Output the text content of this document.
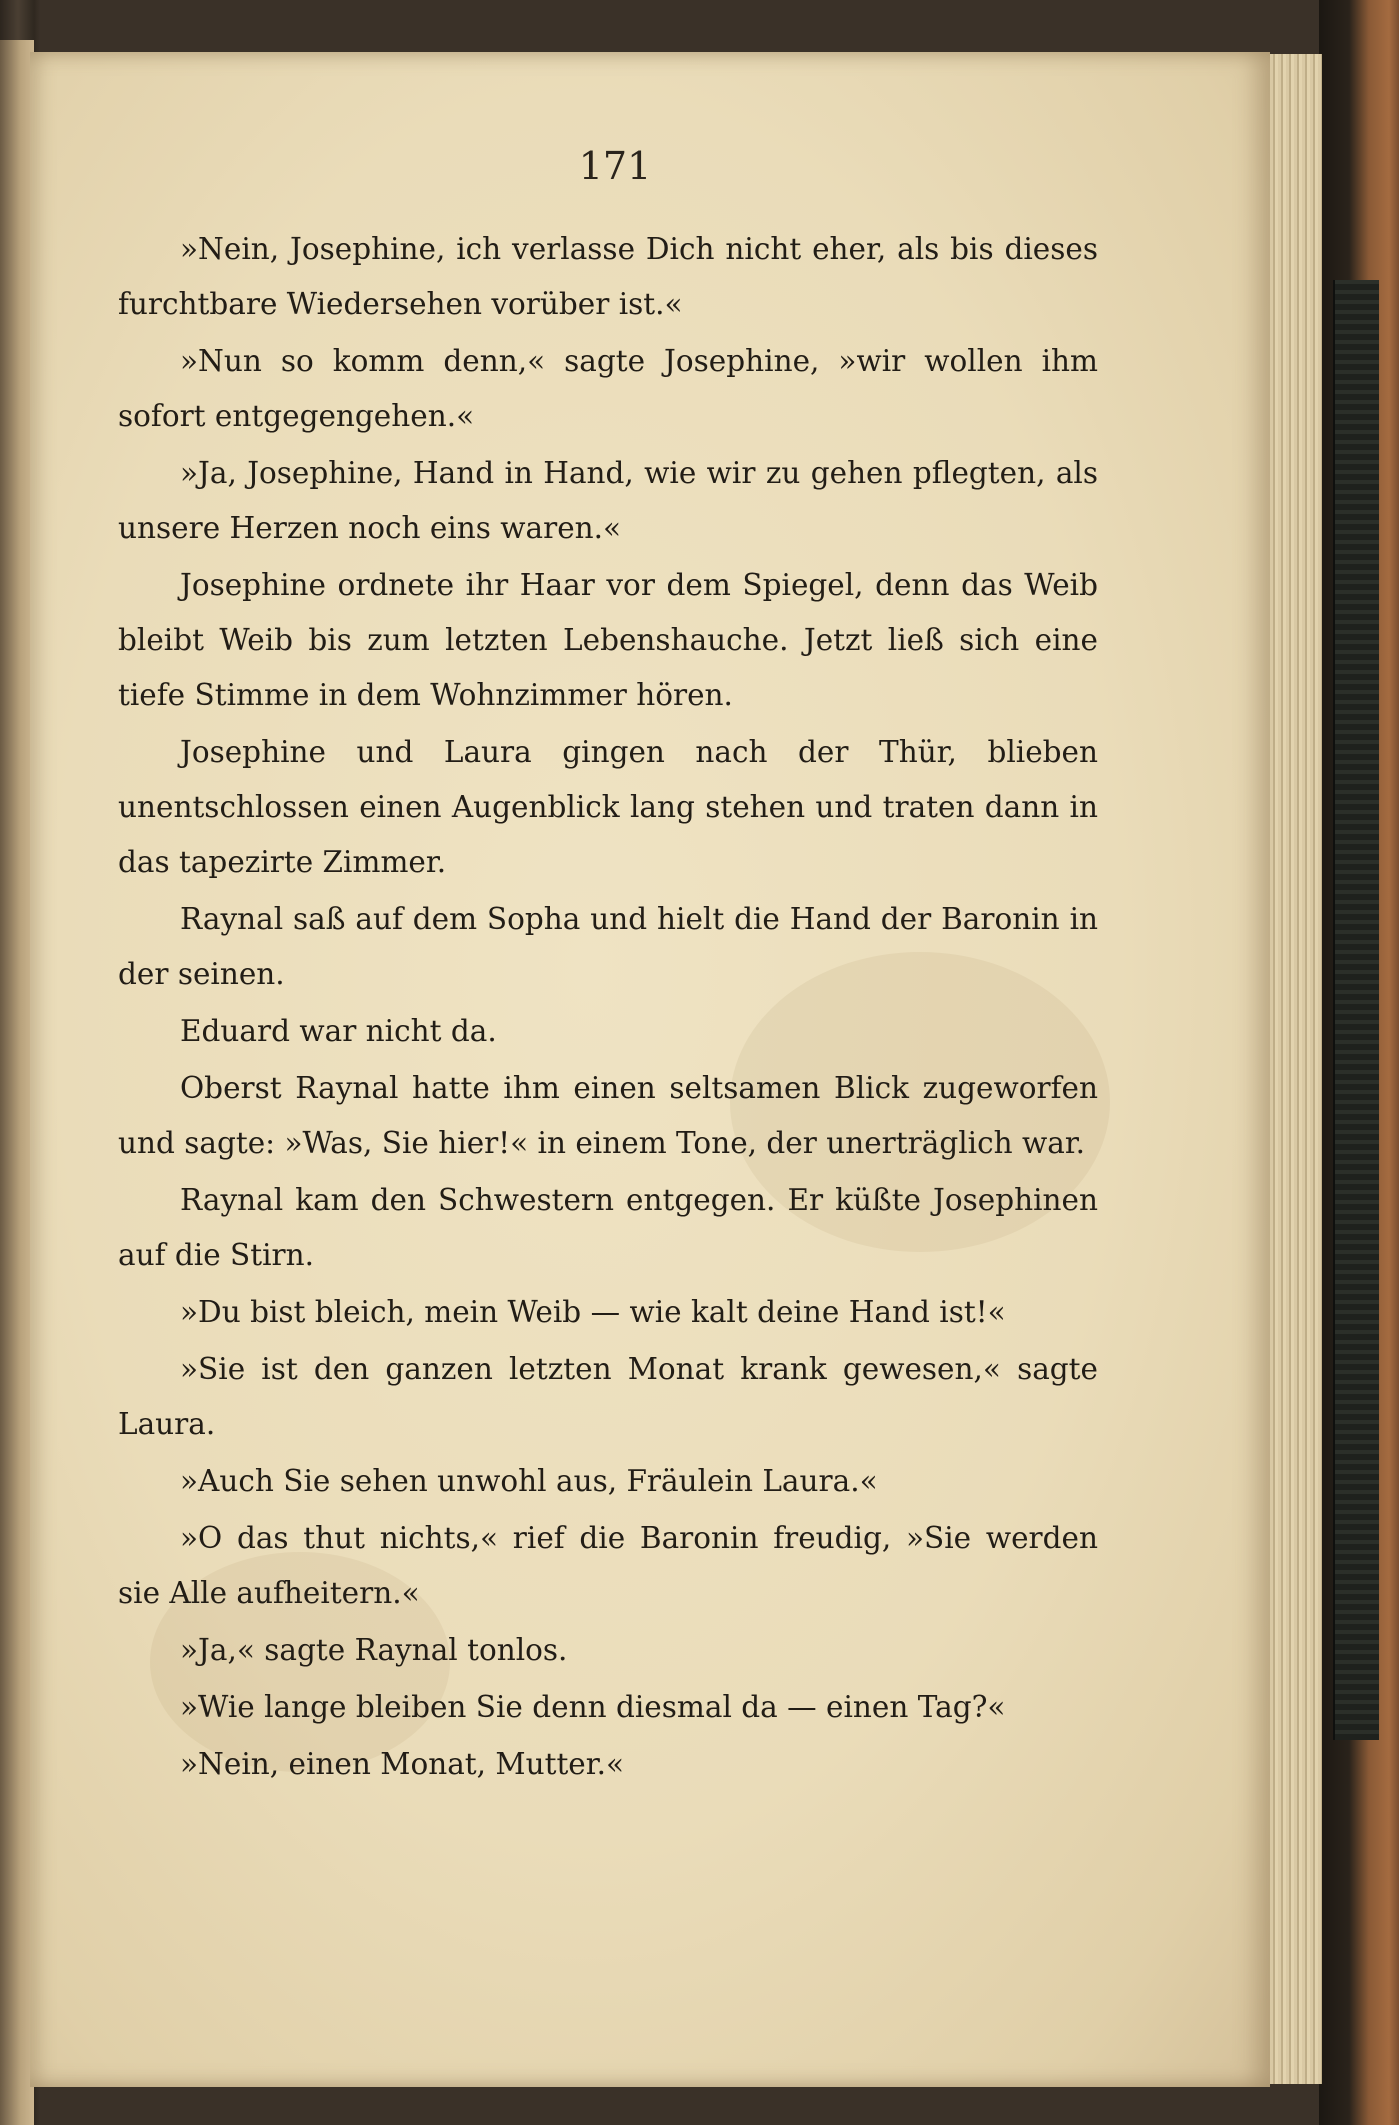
171

»Nein, Josephine, ich verlasse Dich nicht eher, als bis dieses furchtbare Wiedersehen vorüber ist.«

»Nun so komm denn,« sagte Josephine, »wir wollen ihm sofort entgegengehen.«

»Ja, Josephine, Hand in Hand, wie wir zu gehen pflegten, als unsere Herzen noch eins waren.«

Josephine ordnete ihr Haar vor dem Spiegel, denn das Weib bleibt Weib bis zum letzten Lebenshauche. Jetzt ließ sich eine tiefe Stimme in dem Wohnzimmer hören.

Josephine und Laura gingen nach der Thür, blieben unentschlossen einen Augenblick lang stehen und traten dann in das tapezirte Zimmer.

Raynal saß auf dem Sopha und hielt die Hand der Baronin in der seinen.

Eduard war nicht da.

Oberst Raynal hatte ihm einen seltsamen Blick zugeworfen und sagte: »Was, Sie hier!« in einem Tone, der unerträglich war.

Raynal kam den Schwestern entgegen. Er küßte Josephinen auf die Stirn.

»Du bist bleich, mein Weib — wie kalt deine Hand ist!«

»Sie ist den ganzen letzten Monat krank gewesen,« sagte Laura.

»Auch Sie sehen unwohl aus, Fräulein Laura.«

»O das thut nichts,« rief die Baronin freudig, »Sie werden sie Alle aufheitern.«

»Ja,« sagte Raynal tonlos.

»Wie lange bleiben Sie denn diesmal da — einen Tag?«

»Nein, einen Monat, Mutter.«
